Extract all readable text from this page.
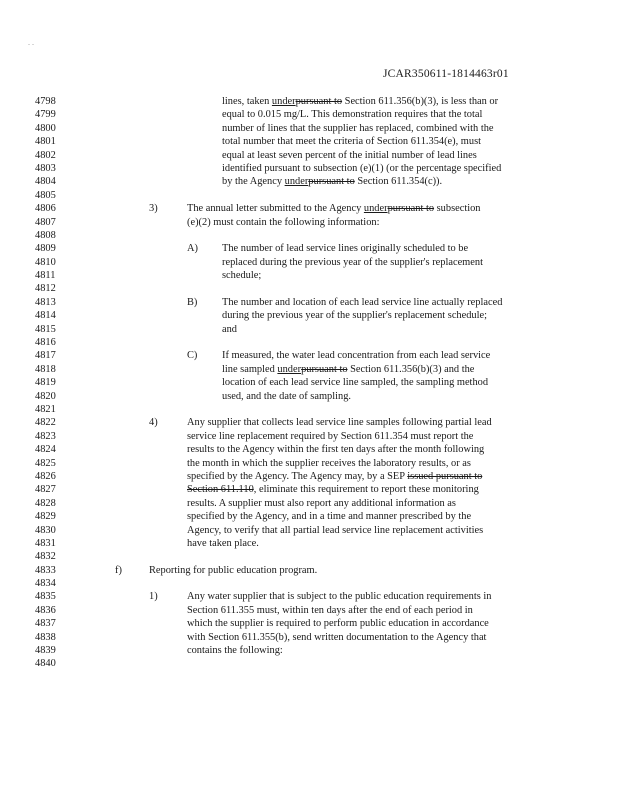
. .
JCAR350611-1814463r01
4798	lines, taken underpursuant to Section 611.356(b)(3), is less than or
4799	equal to 0.015 mg/L. This demonstration requires that the total
4800	number of lines that the supplier has replaced, combined with the
4801	total number that meet the criteria of Section 611.354(e), must
4802	equal at least seven percent of the initial number of lead lines
4803	identified pursuant to subsection (e)(1) (or the percentage specified
4804	by the Agency underpursuant to Section 611.354(c)).
4805
4806	3)	The annual letter submitted to the Agency underpursuant to subsection
4807	(e)(2) must contain the following information:
4808
4809	A) The number of lead service lines originally scheduled to be
4810	replaced during the previous year of the supplier's replacement
4811	schedule;
4812
4813	B) The number and location of each lead service line actually replaced
4814	during the previous year of the supplier's replacement schedule;
4815	and
4816
4817	C) If measured, the water lead concentration from each lead service
4818	line sampled underpursuant to Section 611.356(b)(3) and the
4819	location of each lead service line sampled, the sampling method
4820	used, and the date of sampling.
4821
4822	4)	Any supplier that collects lead service line samples following partial lead
4823	service line replacement required by Section 611.354 must report the
4824	results to the Agency within the first ten days after the month following
4825	the month in which the supplier receives the laboratory results, or as
4826	specified by the Agency. The Agency may, by a SEP issued pursuant to
4827	Section 611.110, eliminate this requirement to report these monitoring
4828	results. A supplier must also report any additional information as
4829	specified by the Agency, and in a time and manner prescribed by the
4830	Agency, to verify that all partial lead service line replacement activities
4831	have taken place.
4832
4833	f)	Reporting for public education program.
4834
4835	1)	Any water supplier that is subject to the public education requirements in
4836	Section 611.355 must, within ten days after the end of each period in
4837	which the supplier is required to perform public education in accordance
4838	with Section 611.355(b), send written documentation to the Agency that
4839	contains the following:
4840
